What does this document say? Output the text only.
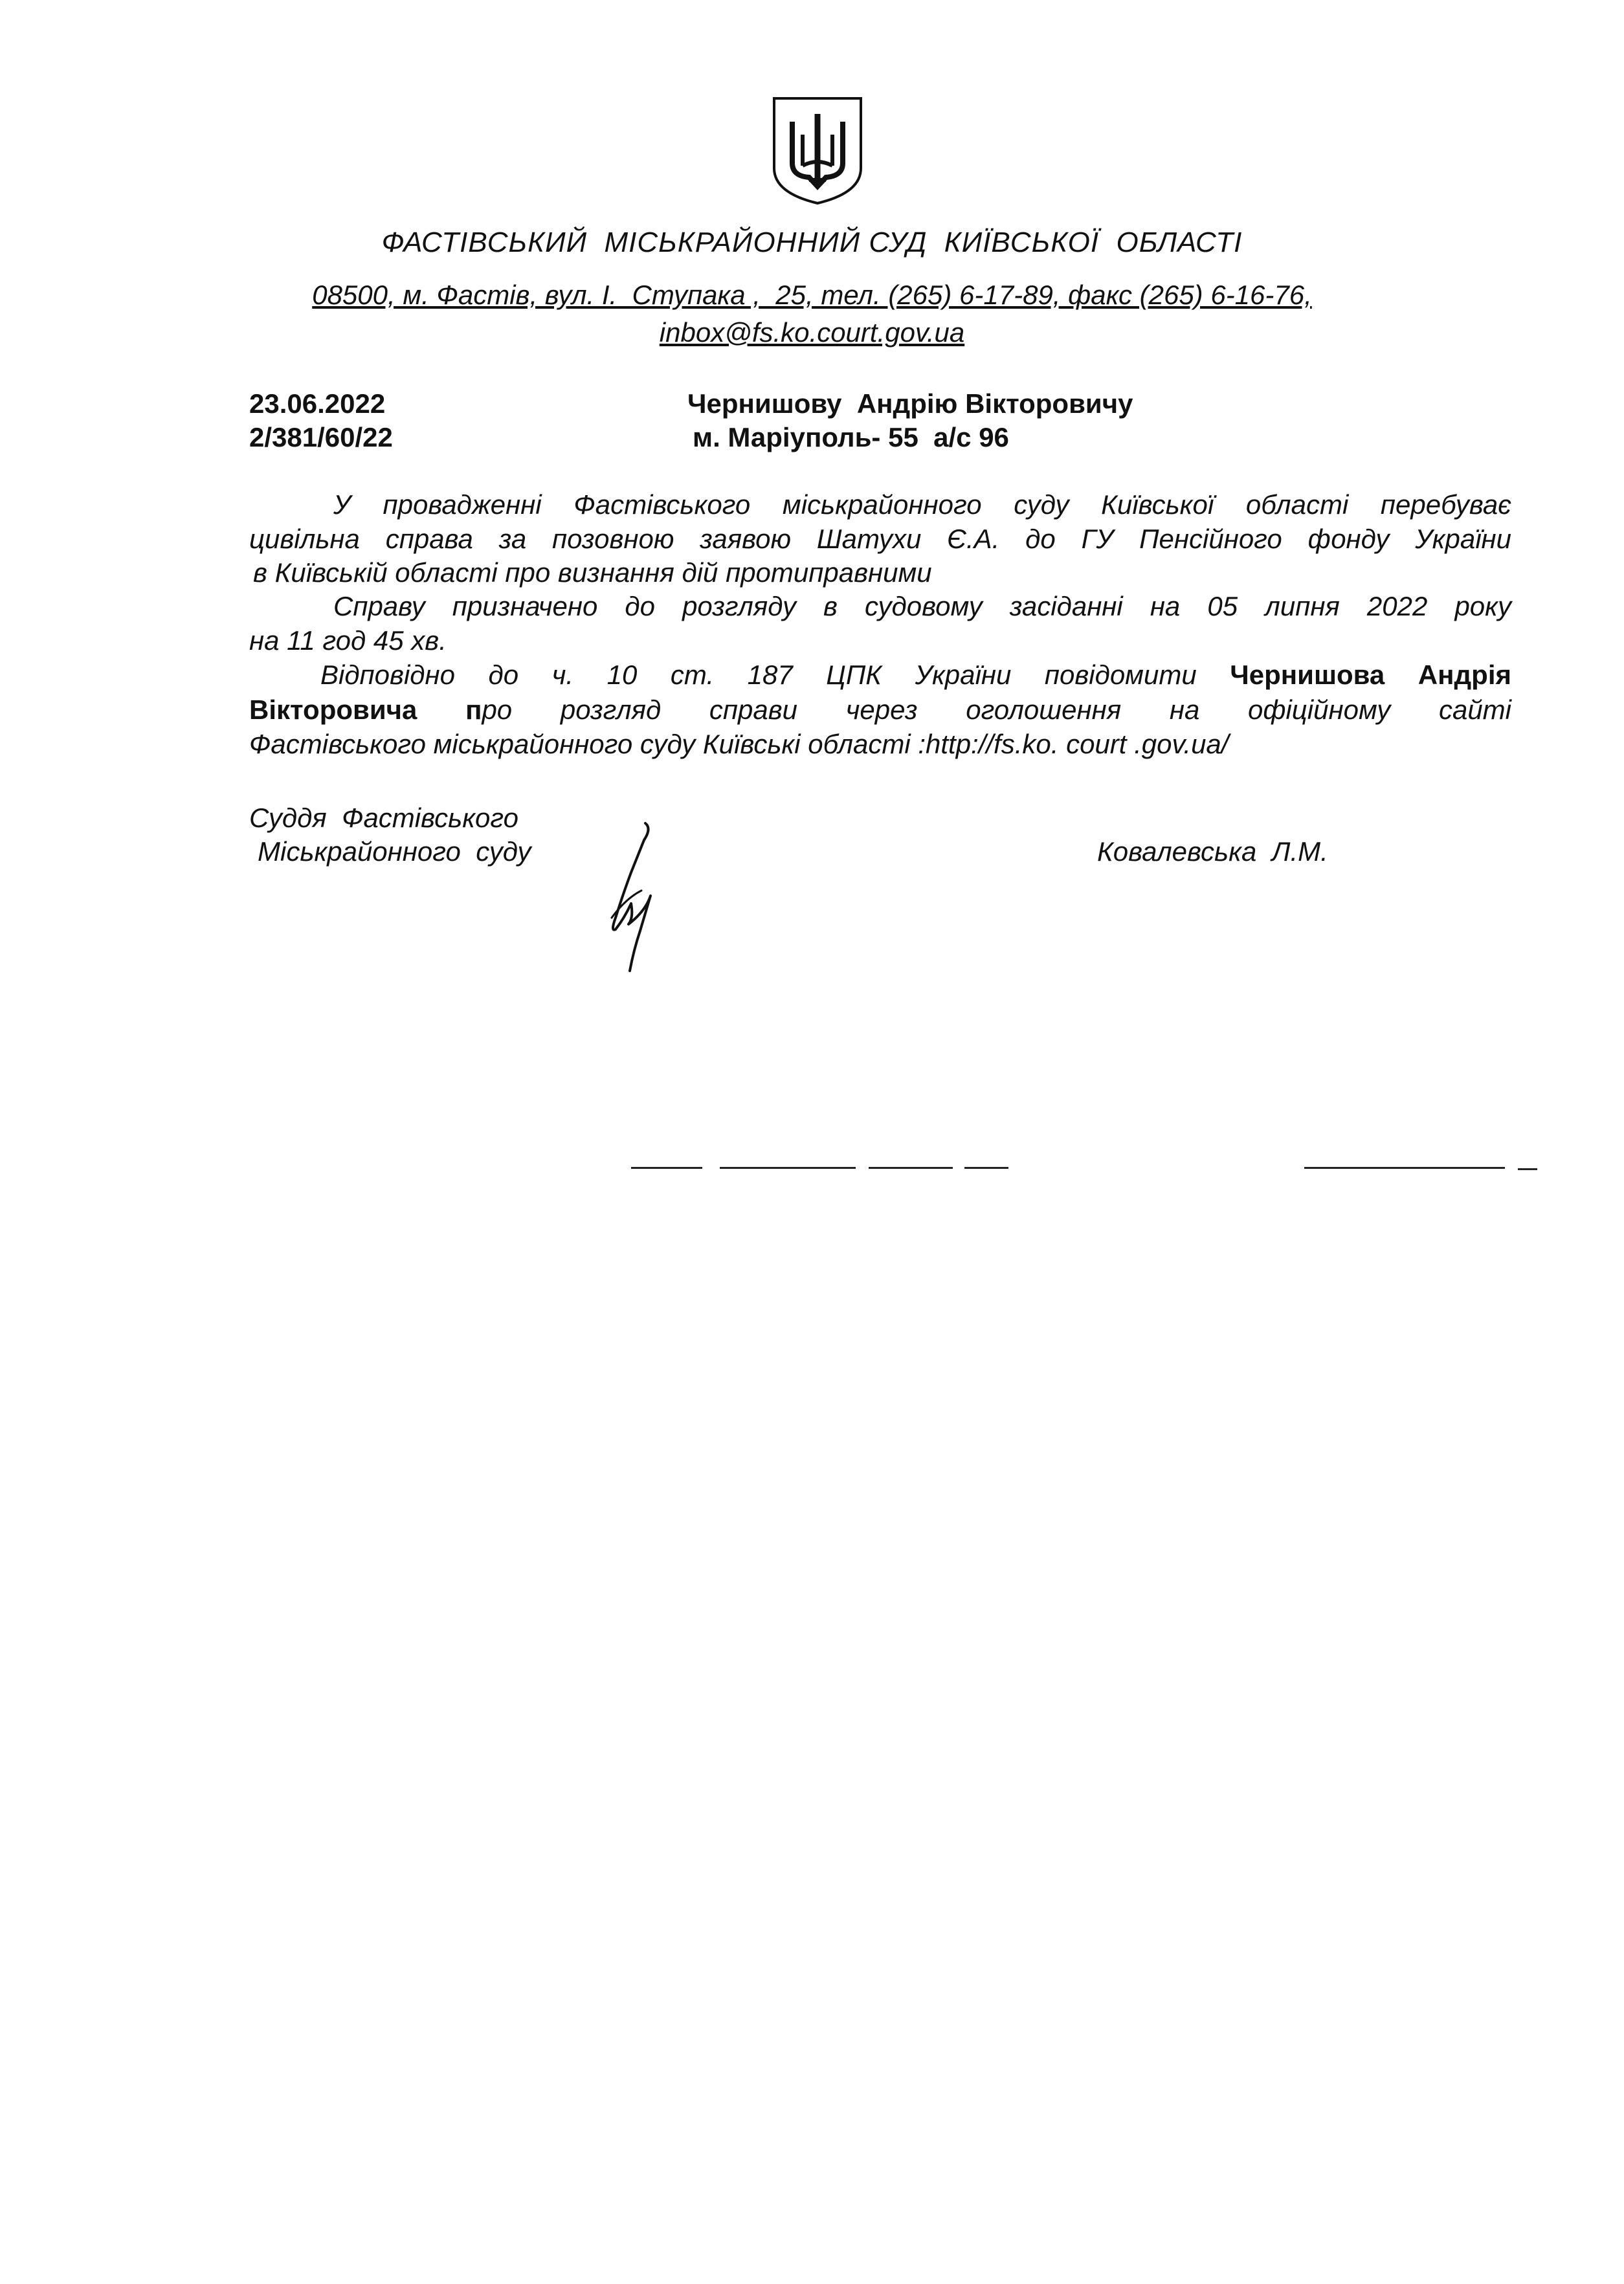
ФАСТІВСЬКИЙ  МІСЬКРАЙОННИЙ СУД  КИЇВСЬКОЇ  ОБЛАСТІ
08500, м. Фастів, вул. І.  Ступака ,  25, тел. (265) 6-17-89, факс (265) 6-16-76,
inbox@fs.ko.court.gov.ua
23.06.2022
2/381/60/22
Чернишову  Андрію Вікторовичу
м. Маріуполь- 55  а/с 96
У провадженні Фастівського міськрайонного суду Київської області перебуває
цивільна справа за позовною заявою Шатухи Є.А. до ГУ Пенсійного фонду України
в Київській області про визнання дій протиправними
Справу призначено до розгляду в судовому засіданні на 05 липня 2022 року
на 11 год 45 хв.
Відповідно до ч. 10 ст. 187 ЦПК України повідомити Чернишова Андрія
Вікторовича про розгляд справи через оголошення на офіційному сайті
Фастівського міськрайонного суду Київські області :http://fs.ko. court .gov.ua/
Суддя  Фастівського
Міськрайонного  суду	Ковалевська  Л.М.
